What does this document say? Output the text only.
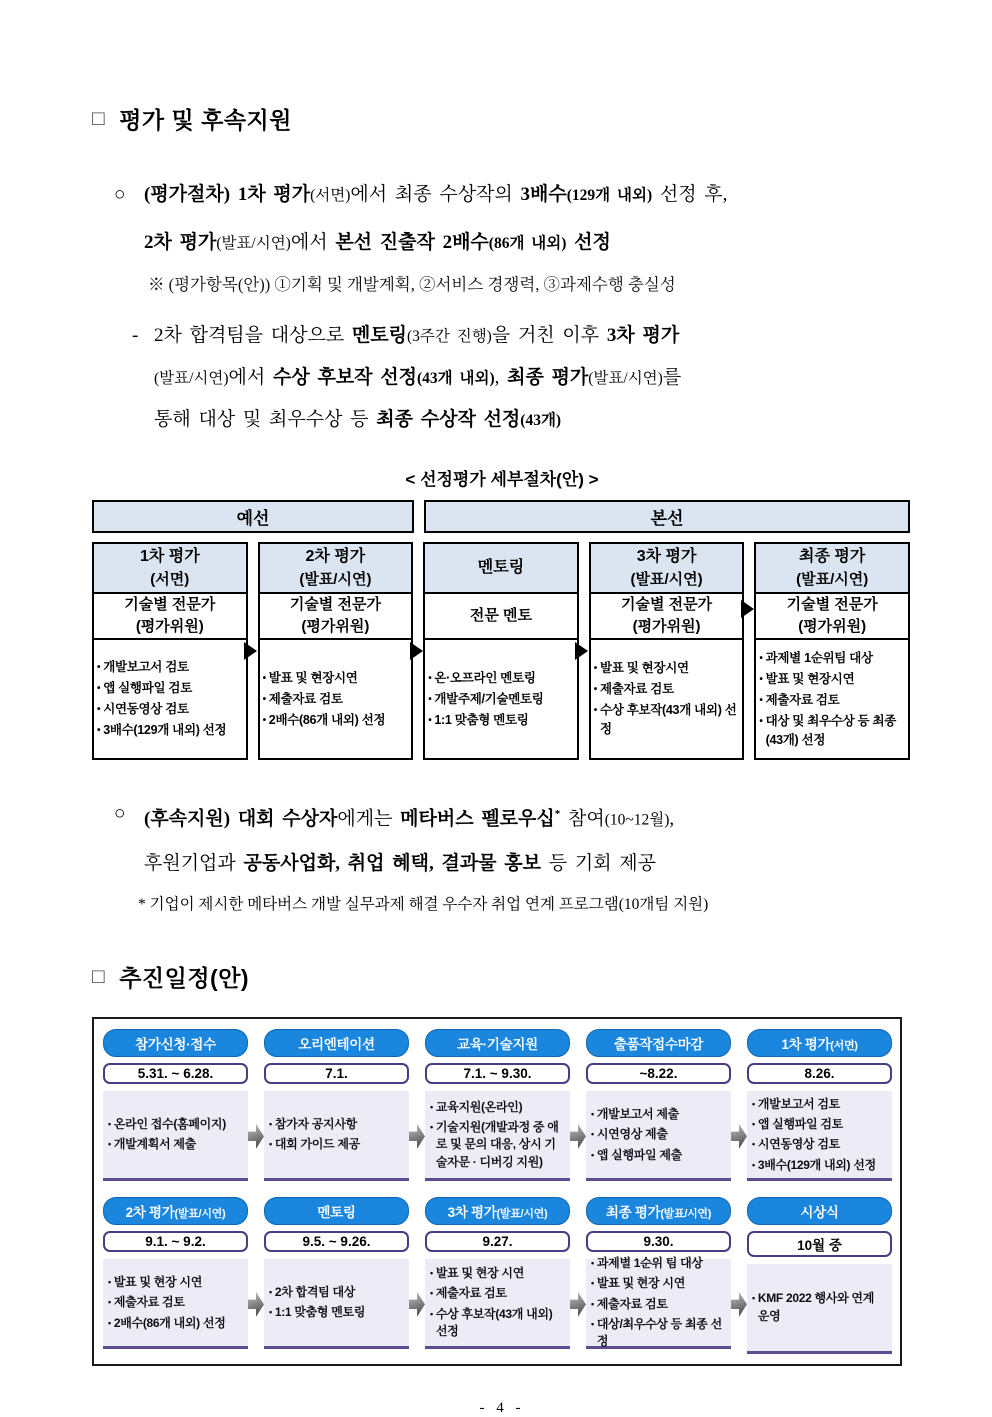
□ 평가 및 후속지원
○ (평가절차) 1차 평가(서면)에서 최종 수상작의 3배수(129개 내외) 선정 후,
2차 평가(발표/시연)에서 본선 진출작 2배수(86개 내외) 선정
※ (평가항목(안)) ①기획 및 개발계획, ②서비스 경쟁력, ③과제수행 충실성
- 2차 합격팀을 대상으로 멘토링(3주간 진행)을 거친 이후 3차 평가
(발표/시연)에서 수상 후보작 선정(43개 내외), 최종 평가(발표/시연)를
통해 대상 및 최우수상 등 최종 수상작 선정(43개)
< 선정평가 세부절차(안) >
예선	본선
1차 평가
(서면)
기술별 전문가
(평가위원)
• 개발보고서 검토
• 앱 실행파일 검토
• 시연동영상 검토
• 3배수(129개 내외) 선정
2차 평가
(발표/시연)
기술별 전문가
(평가위원)
• 발표 및 현장시연
• 제출자료 검토
• 2배수(86개 내외) 선정
멘토링
전문 멘토
• 온·오프라인 멘토링
• 개발주제/기술멘토링
• 1:1 맞춤형 멘토링
3차 평가
(발표/시연)
기술별 전문가
(평가위원)
• 발표 및 현장시연
• 제출자료 검토
• 수상 후보작(43개 내외) 선정
최종 평가
(발표/시연)
기술별 전문가
(평가위원)
• 과제별 1순위팀 대상
• 발표 및 현장시연
• 제출자료 검토
• 대상 및 최우수상 등 최종(43개) 선정
○ (후속지원) 대회 수상자에게는 메타버스 펠로우십* 참여(10~12월),
후원기업과 공동사업화, 취업 혜택, 결과물 홍보 등 기회 제공
* 기업이 제시한 메타버스 개발 실무과제 해결 우수자 취업 연계 프로그램(10개팀 지원)
□ 추진일정(안)
참가신청·접수
5.31. ~ 6.28.
• 온라인 접수(홈페이지)
• 개발계획서 제출
오리엔테이션
7.1.
• 참가자 공지사항
• 대회 가이드 제공
교육·기술지원
7.1. ~ 9.30.
• 교육지원(온라인)
• 기술지원(개발과정 중 애로 및 문의 대응, 상시 기술자문 · 디버깅 지원)
출품작접수마감
~8.22.
• 개발보고서 제출
• 시연영상 제출
• 앱 실행파일 제출
1차 평가(서면)
8.26.
• 개발보고서 검토
• 앱 실행파일 검토
• 시연동영상 검토
• 3배수(129개 내외) 선정
2차 평가(발표/시연)
9.1. ~ 9.2.
• 발표 및 현장 시연
• 제출자료 검토
• 2배수(86개 내외) 선정
멘토링
9.5. ~ 9.26.
• 2차 합격팀 대상
• 1:1 맞춤형 멘토링
3차 평가(발표/시연)
9.27.
• 발표 및 현장 시연
• 제출자료 검토
• 수상 후보작(43개 내외) 선정
최종 평가(발표/시연)
9.30.
• 과제별 1순위 팀 대상
• 발표 및 현장 시연
• 제출자료 검토
• 대상/최우수상 등 최종 선정
시상식
10월 중
• KMF 2022 행사와 연계 운영
- 4 -
